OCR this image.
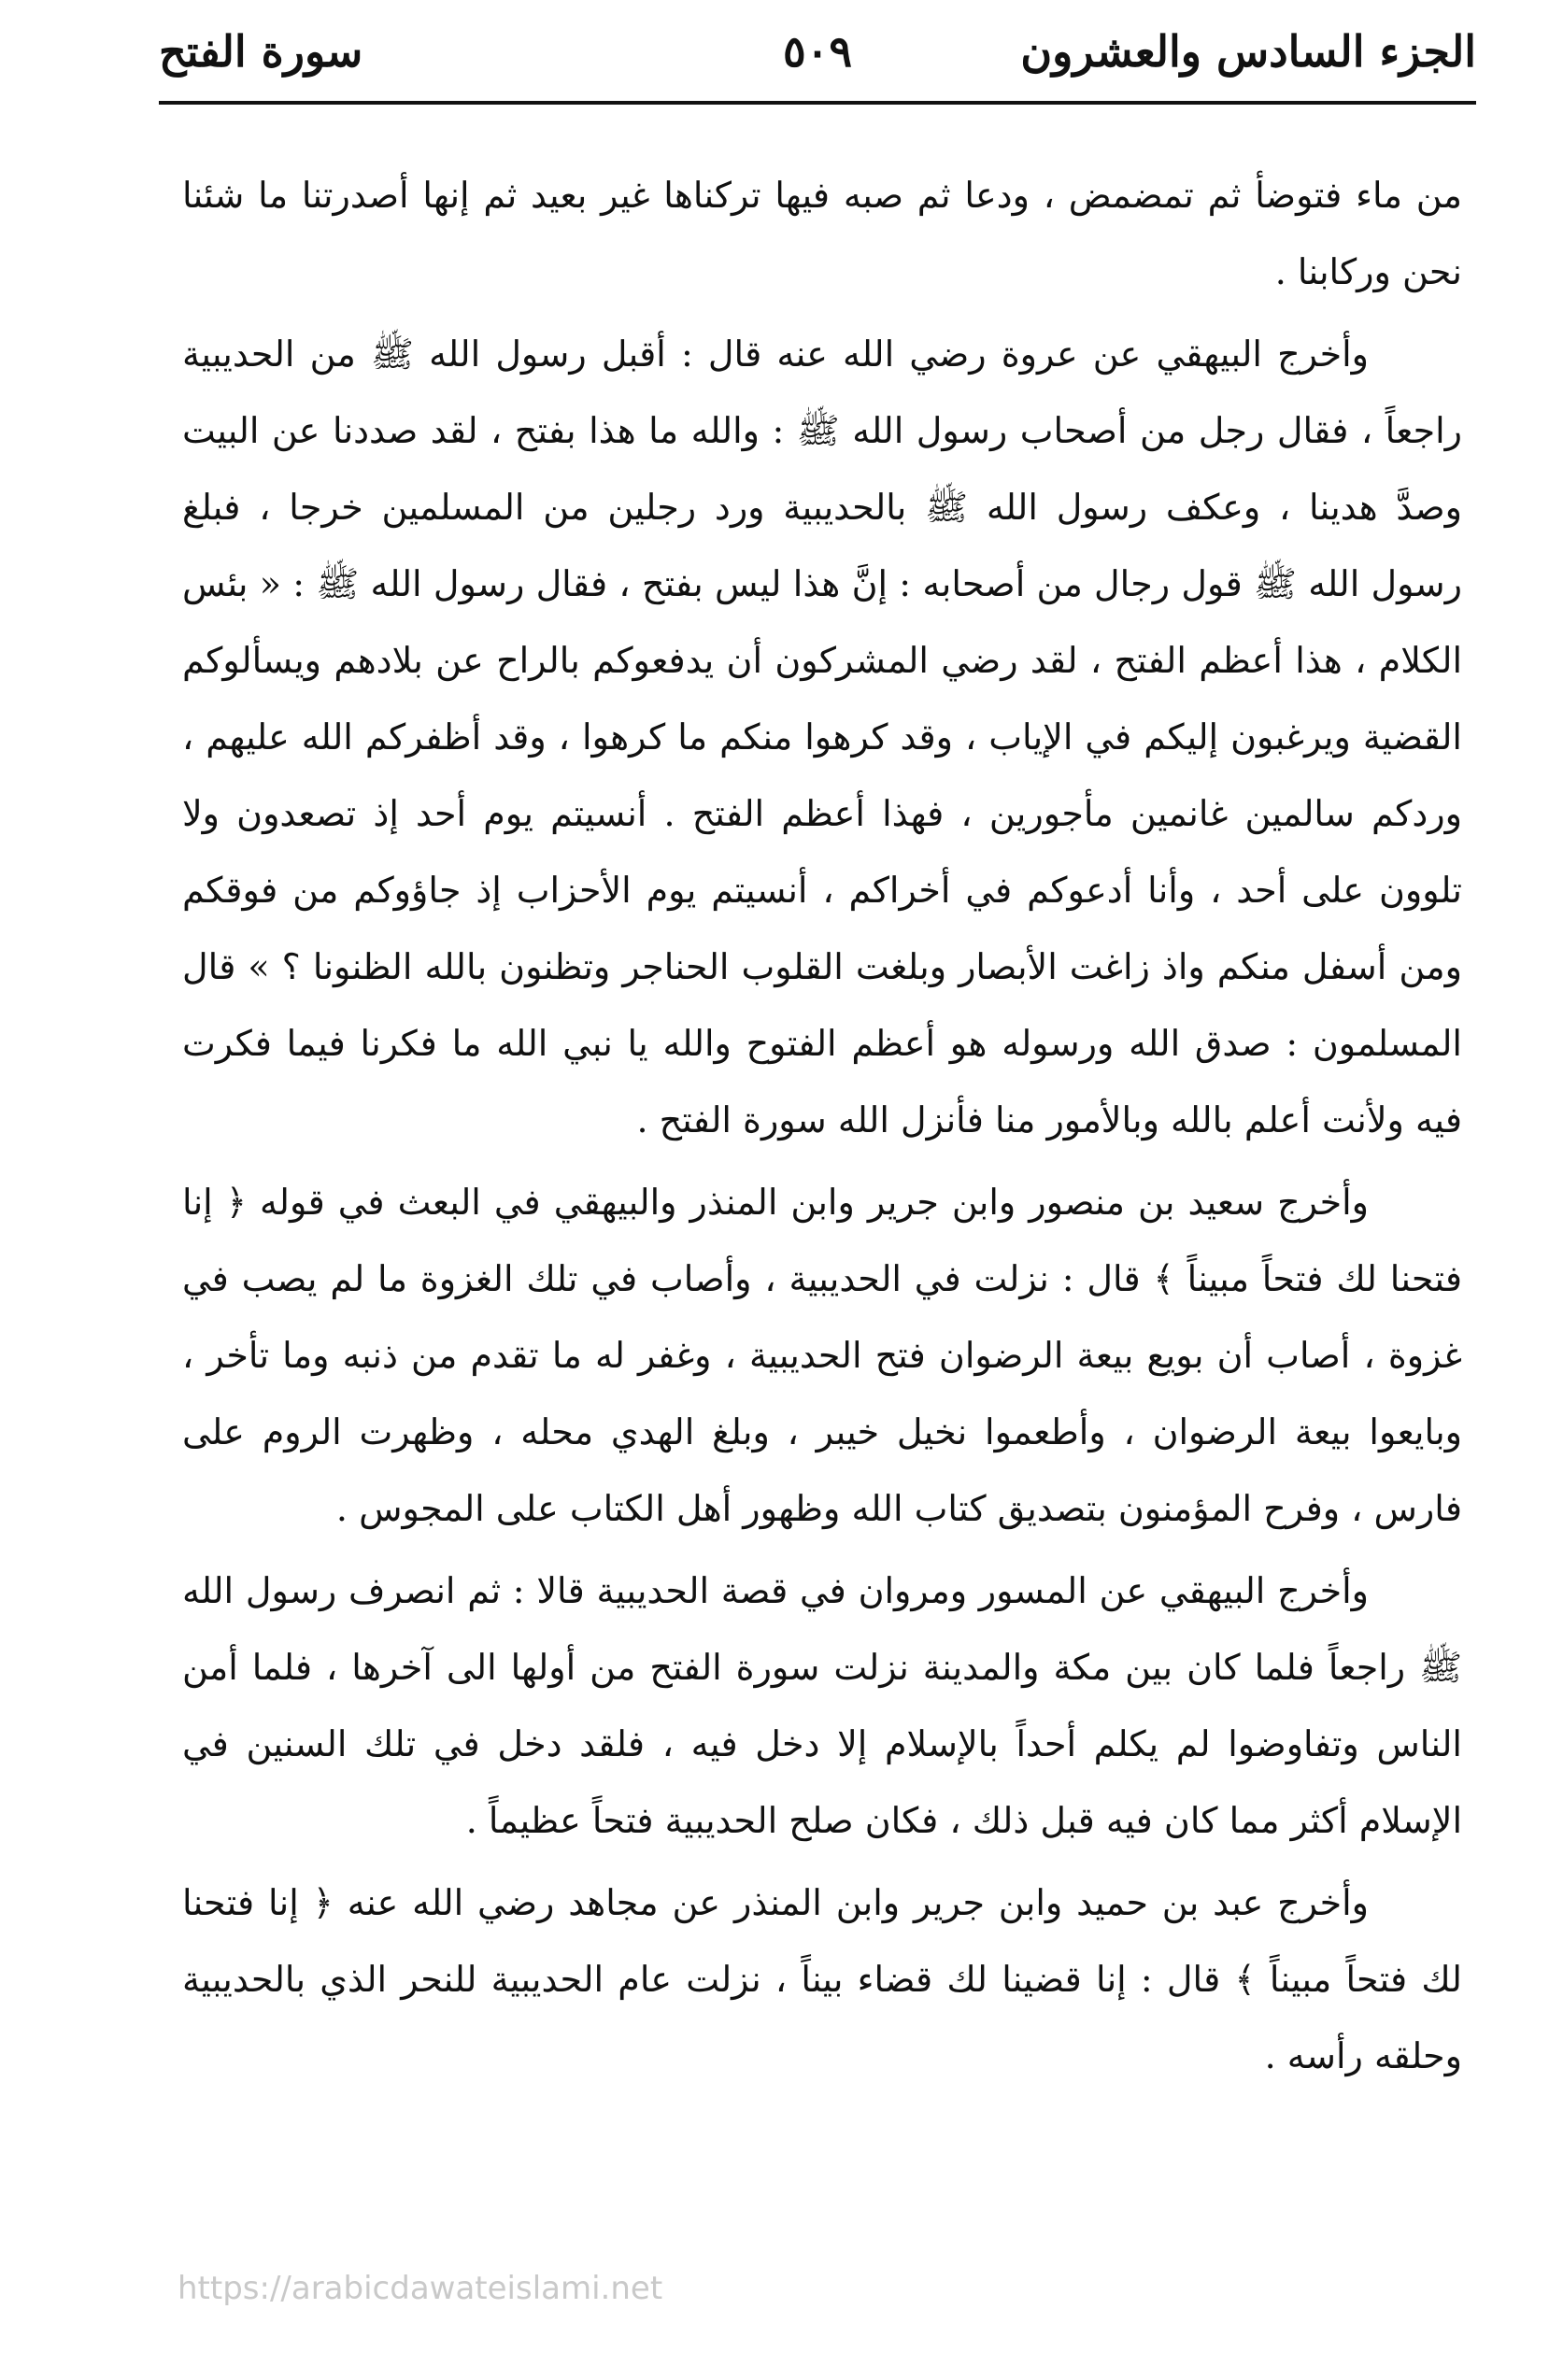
الجزء السادس والعشرون
٥٠٩
سورة الفتح

من ماء فتوضأ ثم تمضمض ، ودعا ثم صبه فيها تركناها غير بعيد ثم إنها أصدرتنا ما شئنا نحن وركابنا .

وأخرج البيهقي عن عروة رضي الله عنه قال : أقبل رسول الله ﷺ من الحديبية راجعاً ، فقال رجل من أصحاب رسول الله ﷺ : والله ما هذا بفتح ، لقد صددنا عن البيت وصدَّ هدينا ، وعكف رسول الله ﷺ بالحديبية ورد رجلين من المسلمين خرجا ، فبلغ رسول الله ﷺ قول رجال من أصحابه : إنَّ هذا ليس بفتح ، فقال رسول الله ﷺ : « بئس الكلام ، هذا أعظم الفتح ، لقد رضي المشركون أن يدفعوكم بالراح عن بلادهم ويسألوكم القضية ويرغبون إليكم في الإياب ، وقد كرهوا منكم ما كرهوا ، وقد أظفركم الله عليهم ، وردكم سالمين غانمين مأجورين ، فهذا أعظم الفتح . أنسيتم يوم أحد إذ تصعدون ولا تلوون على أحد ، وأنا أدعوكم في أخراكم ، أنسيتم يوم الأحزاب إذ جاؤوكم من فوقكم ومن أسفل منكم واذ زاغت الأبصار وبلغت القلوب الحناجر وتظنون بالله الظنونا ؟ » قال المسلمون : صدق الله ورسوله هو أعظم الفتوح والله يا نبي الله ما فكرنا فيما فكرت فيه ولأنت أعلم بالله وبالأمور منا فأنزل الله سورة الفتح .

وأخرج سعيد بن منصور وابن جرير وابن المنذر والبيهقي في البعث في قوله ﴿ إنا فتحنا لك فتحاً مبيناً ﴾ قال : نزلت في الحديبية ، وأصاب في تلك الغزوة ما لم يصب في غزوة ، أصاب أن بويع بيعة الرضوان فتح الحديبية ، وغفر له ما تقدم من ذنبه وما تأخر ، وبايعوا بيعة الرضوان ، وأطعموا نخيل خيبر ، وبلغ الهدي محله ، وظهرت الروم على فارس ، وفرح المؤمنون بتصديق كتاب الله وظهور أهل الكتاب على المجوس .

وأخرج البيهقي عن المسور ومروان في قصة الحديبية قالا : ثم انصرف رسول الله ﷺ راجعاً فلما كان بين مكة والمدينة نزلت سورة الفتح من أولها الى آخرها ، فلما أمن الناس وتفاوضوا لم يكلم أحداً بالإسلام إلا دخل فيه ، فلقد دخل في تلك السنين في الإسلام أكثر مما كان فيه قبل ذلك ، فكان صلح الحديبية فتحاً عظيماً .

وأخرج عبد بن حميد وابن جرير وابن المنذر عن مجاهد رضي الله عنه ﴿ إنا فتحنا لك فتحاً مبيناً ﴾ قال : إنا قضينا لك قضاء بيناً ، نزلت عام الحديبية للنحر الذي بالحديبية وحلقه رأسه .

https://arabicdawateislami.net
